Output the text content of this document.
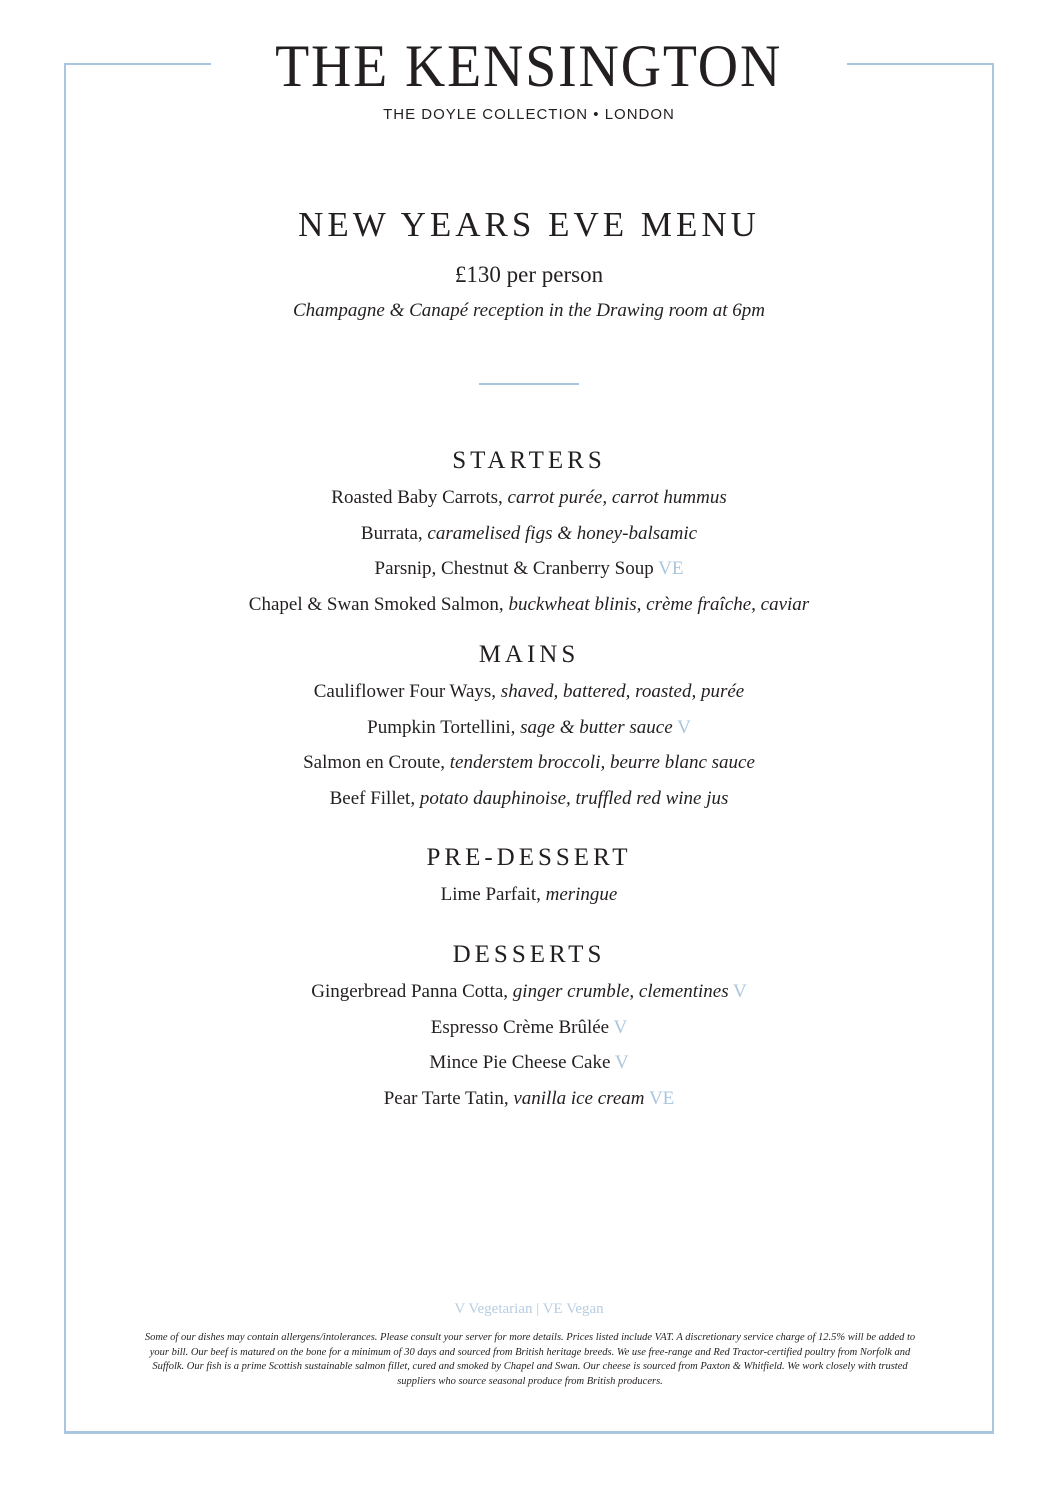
THE KENSINGTON
THE DOYLE COLLECTION • LONDON
NEW YEARS EVE MENU
£130 per person
Champagne & Canapé reception in the Drawing room at 6pm
STARTERS
Roasted Baby Carrots, carrot purée, carrot hummus
Burrata, caramelised figs & honey-balsamic
Parsnip, Chestnut & Cranberry Soup VE
Chapel & Swan Smoked Salmon, buckwheat blinis, crème fraîche, caviar
MAINS
Cauliflower Four Ways, shaved, battered, roasted, purée
Pumpkin Tortellini, sage & butter sauce V
Salmon en Croute, tenderstem broccoli, beurre blanc sauce
Beef Fillet, potato dauphinoise, truffled red wine jus
PRE-DESSERT
Lime Parfait, meringue
DESSERTS
Gingerbread Panna Cotta, ginger crumble, clementines V
Espresso Crème Brûlée V
Mince Pie Cheese Cake V
Pear Tarte Tatin, vanilla ice cream VE
V Vegetarian | VE Vegan
Some of our dishes may contain allergens/intolerances. Please consult your server for more details. Prices listed include VAT. A discretionary service charge of 12.5% will be added to your bill. Our beef is matured on the bone for a minimum of 30 days and sourced from British heritage breeds. We use free-range and Red Tractor-certified poultry from Norfolk and Suffolk. Our fish is a prime Scottish sustainable salmon fillet, cured and smoked by Chapel and Swan. Our cheese is sourced from Paxton & Whitfield. We work closely with trusted suppliers who source seasonal produce from British producers.
